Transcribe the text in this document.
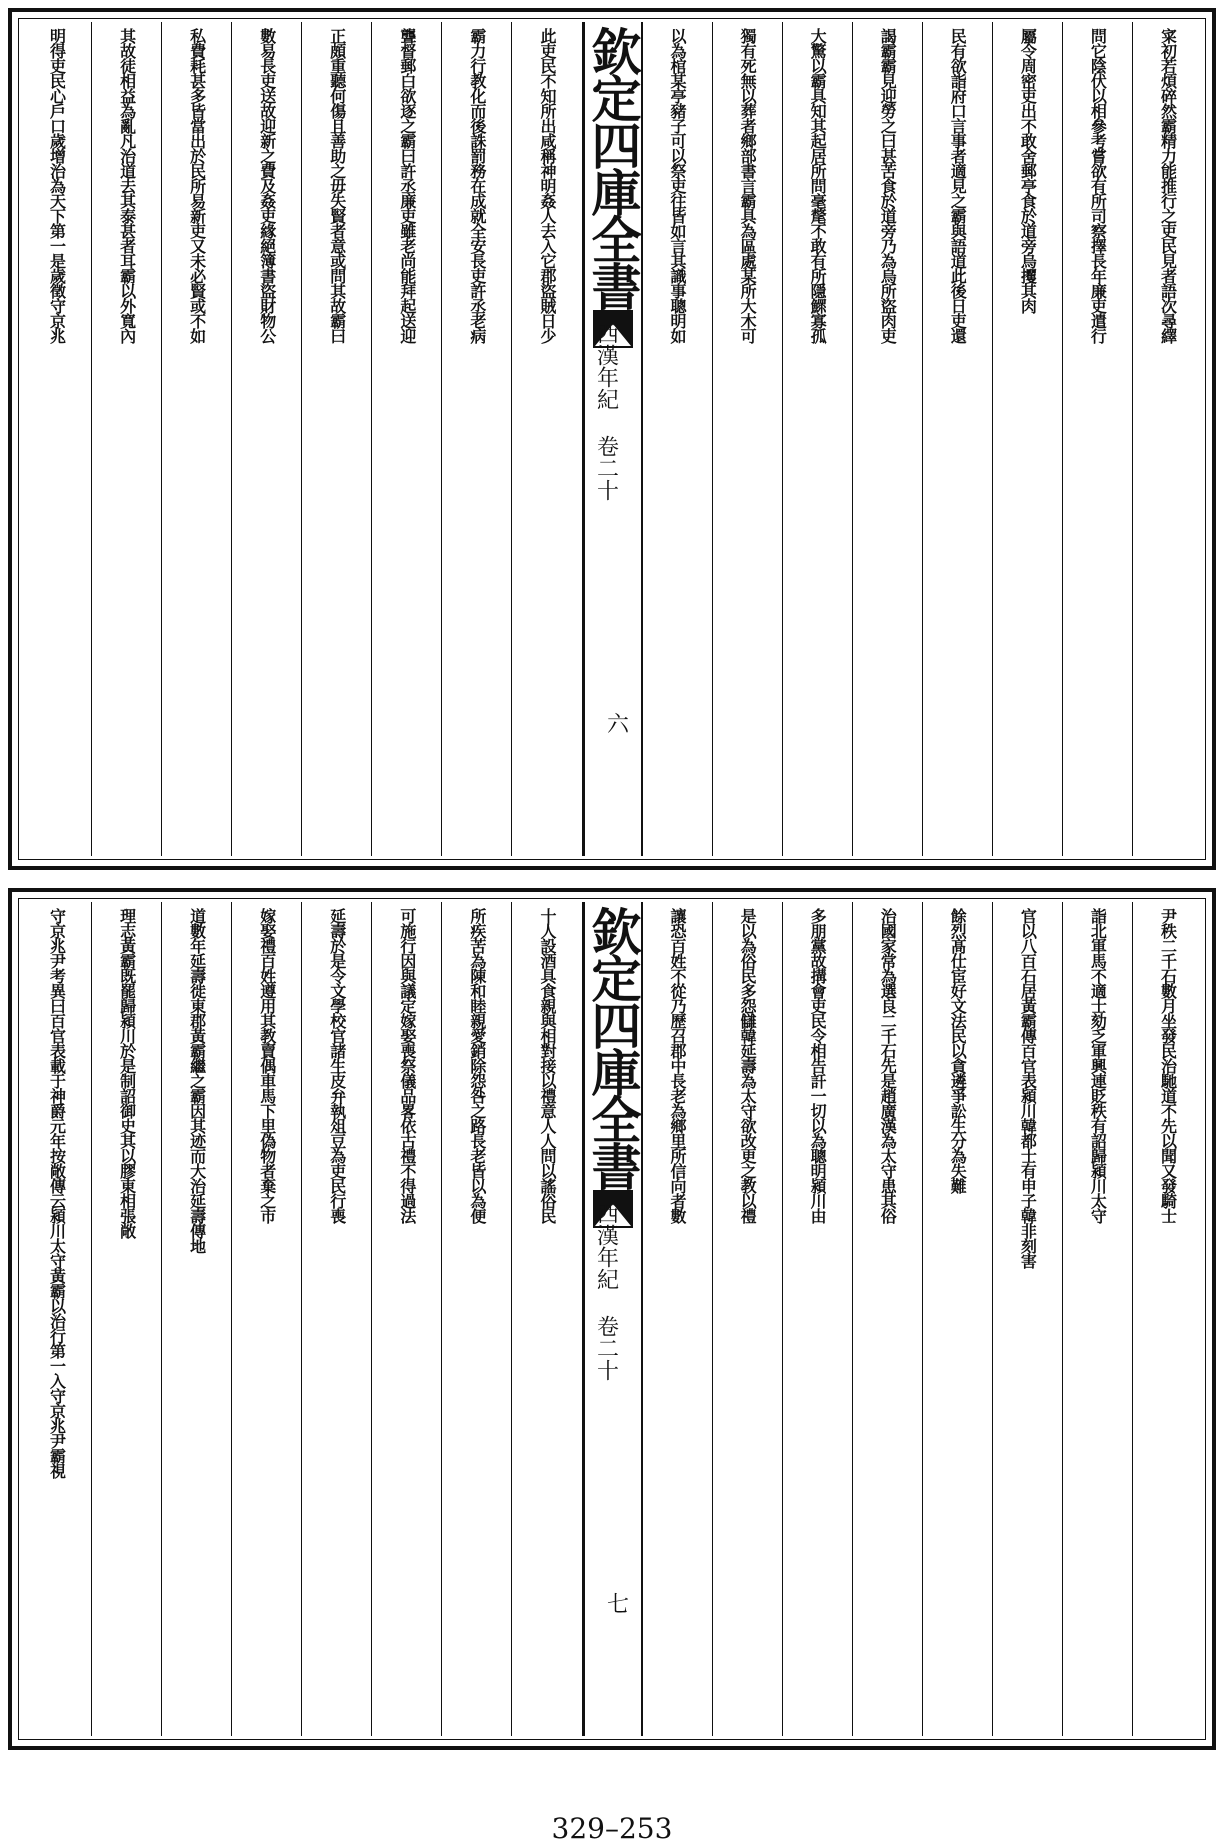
寀初若煩碎然霸精力能推行之吏民見者語次尋繹
問它陰伏以相參考嘗欲有所司察擇長年廉吏遣行
屬令周密吏出不敢舍郵亭食於道旁烏攫其肉
民有欲詣府口言事者適見之霸與語道此後日吏還
謁霸霸見迎勞之曰甚苦食於道旁乃為烏所盜肉吏
大驚以霸具知其起居所問毫氂不敢有所隱鰥寡孤
獨有死無以葬者鄉部書言霸具為區處某所大木可
以為棺某亭豬子可以祭吏往皆如言其識事聰明如
欽定四庫全書
西漢年紀 卷二十
六
此吏民不知所出咸稱神明姦人去入它郡盜賊日少
霸力行教化而後誅罰務在成就全安長吏許丞老病
聾督郵白欲逐之霸曰許丞廉吏雖老尚能拜起送迎
正頗重聽何傷且善助之毋失賢者意或問其故霸曰
數易長吏送故迎新之費及姦吏緣絕簿書盜財物公
私費耗甚多皆當出於民所易新吏又未必賢或不如
其故徒相益為亂凡治道去其泰甚者耳霸以外寬內
明得吏民心戶口歲增治為天下第一是歲徵守京兆
尹秩二千石數月坐發民治馳道不先以聞又發騎士
詣北軍馬不適士劾乏軍興連貶秩有詔歸潁川太守
官以八百石居黃霸傳百官表潁川韓都士有申子韓非刻害
餘烈髙仕宦好文法民以貪遴爭訟生分為失難
治國家常為選良二千石先是趙廣漢為太守患其俗
多朋黨故搆會吏民令相告訐一切以為聰明潁川由
是以為俗民多怨讎韓延壽為太守欲改更之教以禮
讓恐百姓不從乃歷召郡中長老為鄉里所信向者數
欽定四庫全書
西漢年紀 卷二十
七
十人設酒具食親與相對接以禮意人人問以謠俗民
所疾苦為陳和睦親愛銷除怨咎之路長老皆以為便
可施行因與議定嫁娶喪祭儀品畧依古禮不得過法
延壽於是令文學校官諸生皮弁執俎豆為吏民行喪
嫁娶禮百姓遵用其教賣偶車馬下里偽物者棄之市
道數年延壽徙東郡黃霸繼之霸因其迹而大治延壽傳地
理志黃霸既罷歸潁川於是制詔御史其以膠東相張敞
守京兆尹考異曰百官表載于神爵元年按敞傳云潁川太守黃霸以治行第一入守京兆尹霸視
329–253
